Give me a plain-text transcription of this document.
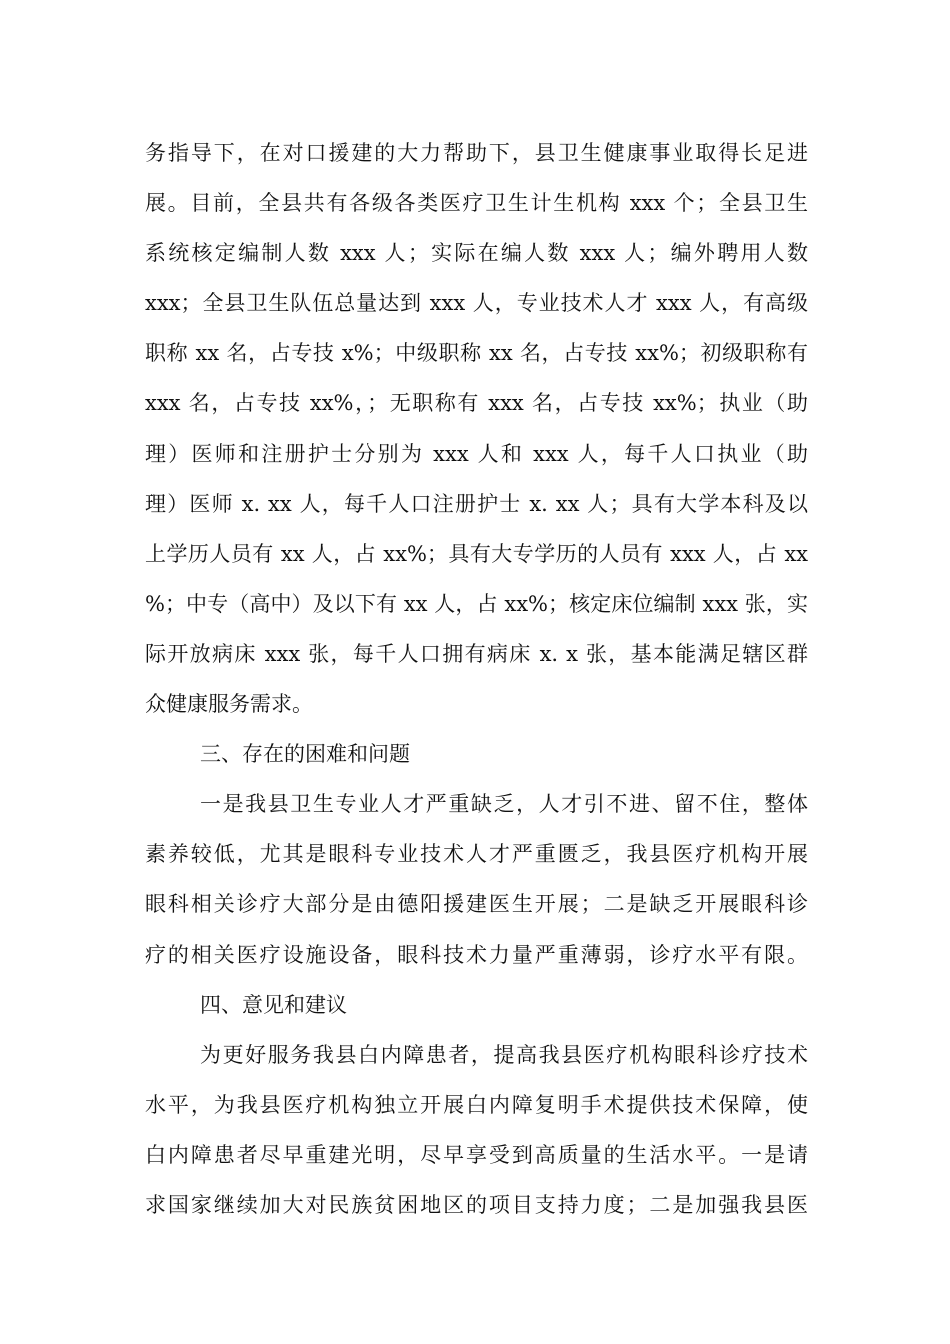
务指导下，在对口援建的大力帮助下，县卫生健康事业取得长足进
展。目前，全县共有各级各类医疗卫生计生机构 xxx 个；全县卫生
系统核定编制人数 xxx 人；实际在编人数 xxx 人；编外聘用人数
xxx；全县卫生队伍总量达到 xxx 人，专业技术人才 xxx 人，有高级
职称 xx 名，占专技 x%；中级职称 xx 名，占专技 xx%；初级职称有
xxx 名，占专技 xx%，；无职称有 xxx 名，占专技 xx%；执业（助
理）医师和注册护士分别为 xxx 人和 xxx 人，每千人口执业（助
理）医师 x. xx 人，每千人口注册护士 x. xx 人；具有大学本科及以
上学历人员有 xx 人，占 xx%；具有大专学历的人员有 xxx 人，占 xx
%；中专（高中）及以下有 xx 人，占 xx%；核定床位编制 xxx 张，实
际开放病床 xxx 张，每千人口拥有病床 x. x 张，基本能满足辖区群
众健康服务需求。
三、存在的困难和问题
一是我县卫生专业人才严重缺乏，人才引不进、留不住，整体
素养较低，尤其是眼科专业技术人才严重匮乏，我县医疗机构开展
眼科相关诊疗大部分是由德阳援建医生开展；二是缺乏开展眼科诊
疗的相关医疗设施设备，眼科技术力量严重薄弱，诊疗水平有限。
四、意见和建议
为更好服务我县白内障患者，提高我县医疗机构眼科诊疗技术
水平，为我县医疗机构独立开展白内障复明手术提供技术保障，使
白内障患者尽早重建光明，尽早享受到高质量的生活水平。一是请
求国家继续加大对民族贫困地区的项目支持力度；二是加强我县医
